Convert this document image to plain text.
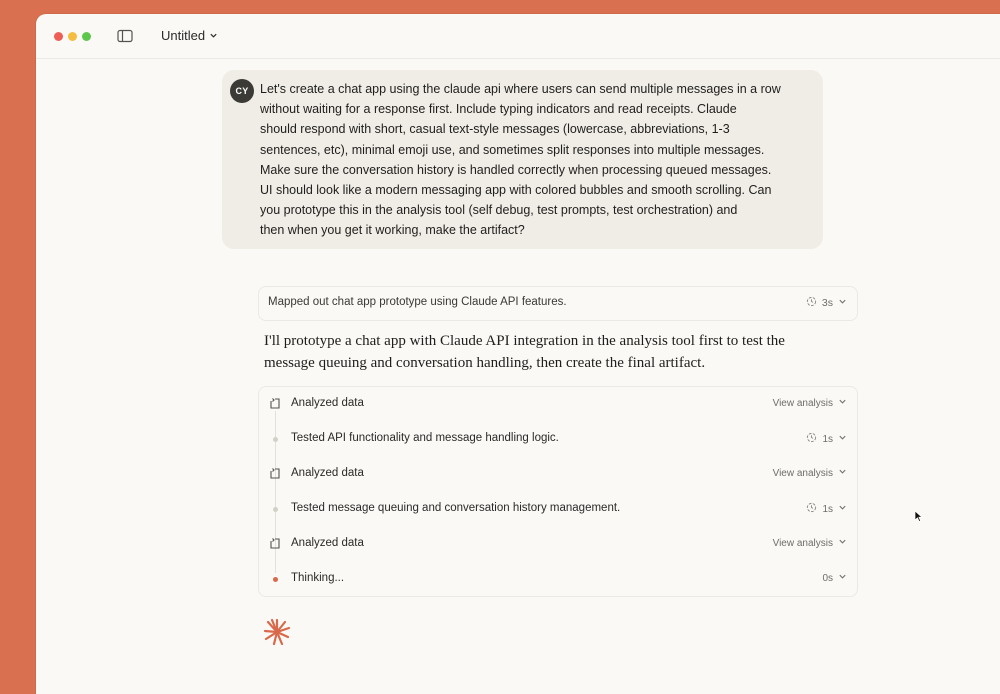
Untitled
CY Let's create a chat app using the claude api where users can send multiple messages in a row
without waiting for a response first. Include typing indicators and read receipts. Claude
should respond with short, casual text-style messages (lowercase, abbreviations, 1-3
sentences, etc), minimal emoji use, and sometimes split responses into multiple messages.
Make sure the conversation history is handled correctly when processing queued messages.
UI should look like a modern messaging app with colored bubbles and smooth scrolling. Can
you prototype this in the analysis tool (self debug, test prompts, test orchestration) and
then when you get it working, make the artifact?
Mapped out chat app prototype using Claude API features.	3s
I'll prototype a chat app with Claude API integration in the analysis tool first to test the
message queuing and conversation handling, then create the final artifact.
Analyzed data	View analysis
Tested API functionality and message handling logic.	1s
Analyzed data	View analysis
Tested message queuing and conversation history management.	1s
Analyzed data	View analysis
Thinking...	0s
